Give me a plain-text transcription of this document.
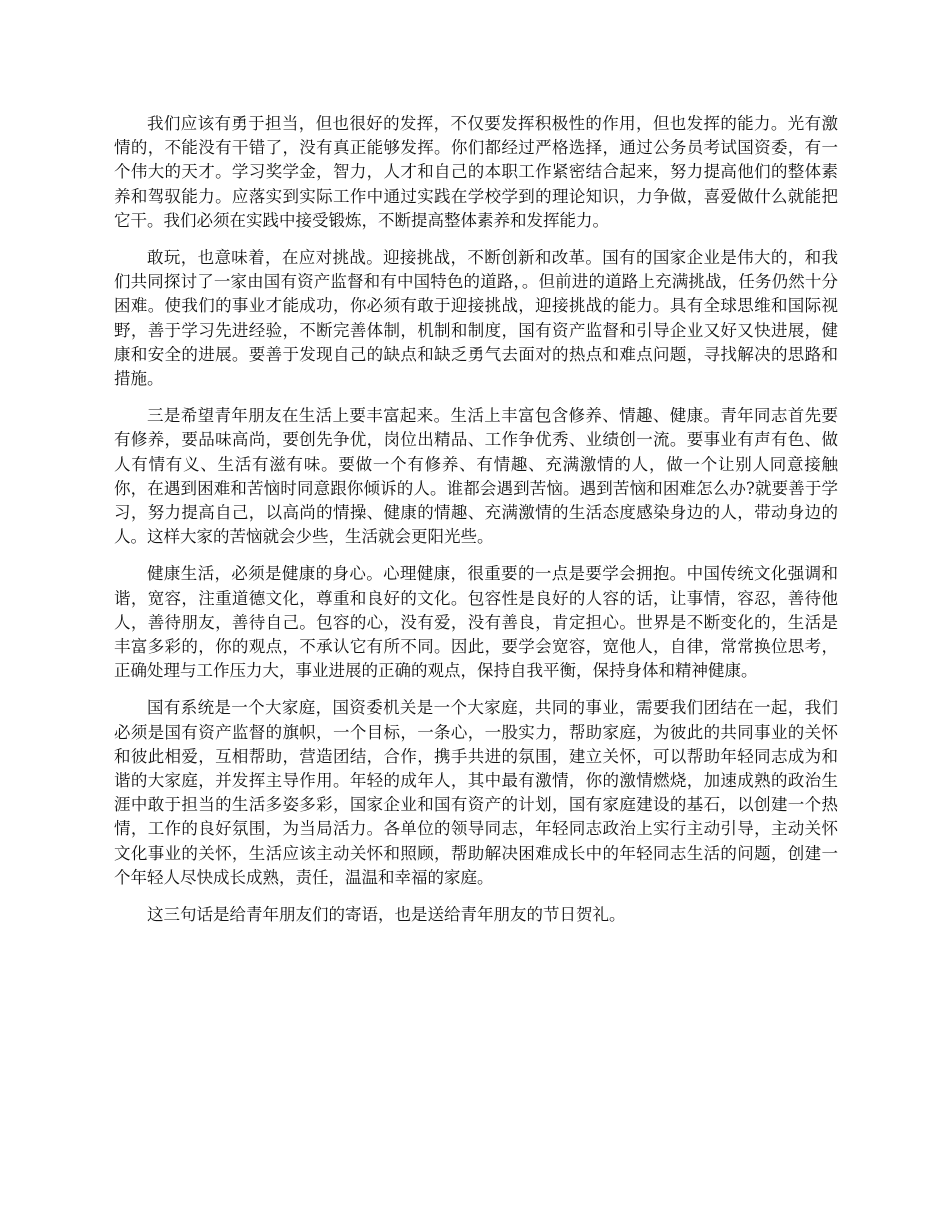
我们应该有勇于担当，但也很好的发挥，不仅要发挥积极性的作用，但也发挥的能力。光有激情的，不能没有干错了，没有真正能够发挥。你们都经过严格选择，通过公务员考试国资委，有一个伟大的天才。学习奖学金，智力，人才和自己的本职工作紧密结合起来，努力提高他们的整体素养和驾驭能力。应落实到实际工作中通过实践在学校学到的理论知识，力争做，喜爱做什么就能把它干。我们必须在实践中接受锻炼，不断提高整体素养和发挥能力。

敢玩，也意味着，在应对挑战。迎接挑战，不断创新和改革。国有的国家企业是伟大的，和我们共同探讨了一家由国有资产监督和有中国特色的道路，。但前进的道路上充满挑战，任务仍然十分困难。使我们的事业才能成功，你必须有敢于迎接挑战，迎接挑战的能力。具有全球思维和国际视野，善于学习先进经验，不断完善体制，机制和制度，国有资产监督和引导企业又好又快进展，健康和安全的进展。要善于发现自己的缺点和缺乏勇气去面对的热点和难点问题，寻找解决的思路和措施。

三是希望青年朋友在生活上要丰富起来。生活上丰富包含修养、情趣、健康。青年同志首先要有修养，要品味高尚，要创先争优，岗位出精品、工作争优秀、业绩创一流。要事业有声有色、做人有情有义、生活有滋有味。要做一个有修养、有情趣、充满激情的人，做一个让别人同意接触你，在遇到困难和苦恼时同意跟你倾诉的人。谁都会遇到苦恼。遇到苦恼和困难怎么办?就要善于学习，努力提高自己，以高尚的情操、健康的情趣、充满激情的生活态度感染身边的人，带动身边的人。这样大家的苦恼就会少些，生活就会更阳光些。

健康生活，必须是健康的身心。心理健康，很重要的一点是要学会拥抱。中国传统文化强调和谐，宽容，注重道德文化，尊重和良好的文化。包容性是良好的人容的话，让事情，容忍，善待他人，善待朋友，善待自己。包容的心，没有爱，没有善良，肯定担心。世界是不断变化的，生活是丰富多彩的，你的观点，不承认它有所不同。因此，要学会宽容，宽他人，自律，常常换位思考，正确处理与工作压力大，事业进展的正确的观点，保持自我平衡，保持身体和精神健康。

国有系统是一个大家庭，国资委机关是一个大家庭，共同的事业，需要我们团结在一起，我们必须是国有资产监督的旗帜，一个目标，一条心，一股实力，帮助家庭，为彼此的共同事业的关怀和彼此相爱，互相帮助，营造团结，合作，携手共进的氛围，建立关怀，可以帮助年轻同志成为和谐的大家庭，并发挥主导作用。年轻的成年人，其中最有激情，你的激情燃烧，加速成熟的政治生涯中敢于担当的生活多姿多彩，国家企业和国有资产的计划，国有家庭建设的基石，以创建一个热情，工作的良好氛围，为当局活力。各单位的领导同志，年轻同志政治上实行主动引导，主动关怀文化事业的关怀，生活应该主动关怀和照顾，帮助解决困难成长中的年轻同志生活的问题，创建一个年轻人尽快成长成熟，责任，温温和幸福的家庭。

这三句话是给青年朋友们的寄语，也是送给青年朋友的节日贺礼。
